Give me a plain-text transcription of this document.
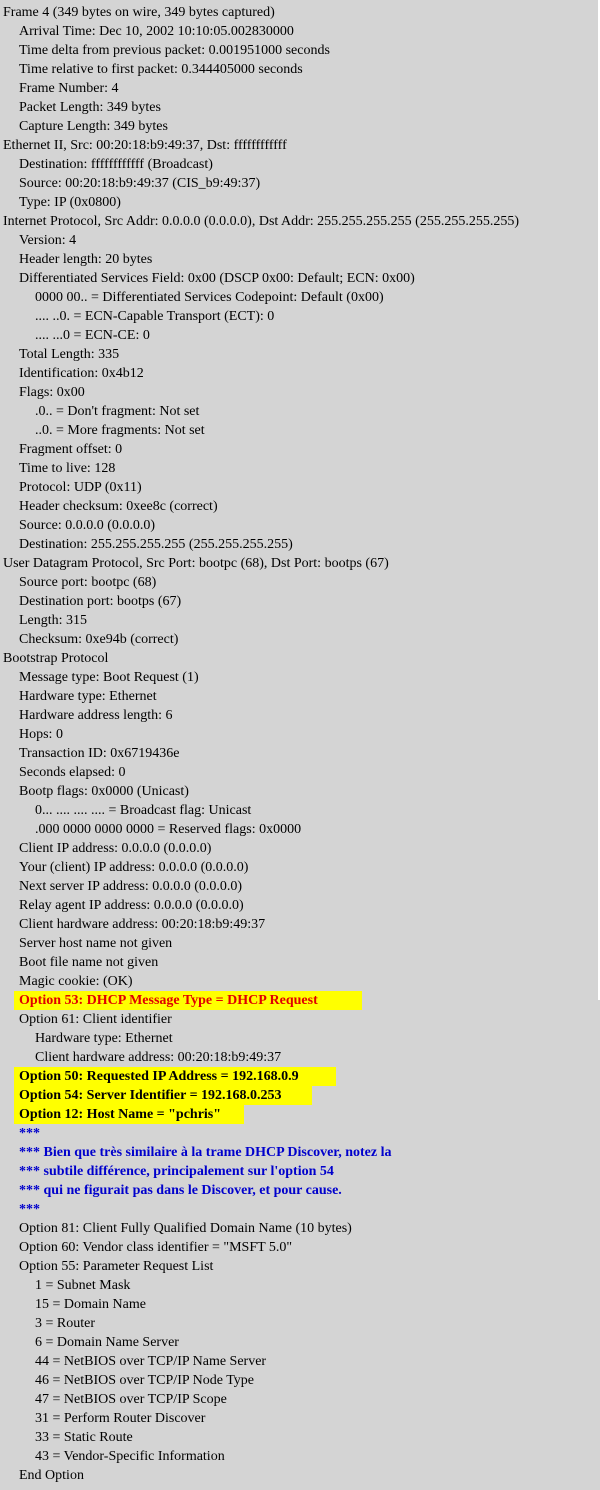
Frame 4 (349 bytes on wire, 349 bytes captured)
Arrival Time: Dec 10, 2002 10:10:05.002830000
Time delta from previous packet: 0.001951000 seconds
Time relative to first packet: 0.344405000 seconds
Frame Number: 4
Packet Length: 349 bytes
Capture Length: 349 bytes
Ethernet II, Src: 00:20:18:b9:49:37, Dst: ffffffffffff
Destination: ffffffffffff (Broadcast)
Source: 00:20:18:b9:49:37 (CIS_b9:49:37)
Type: IP (0x0800)
Internet Protocol, Src Addr: 0.0.0.0 (0.0.0.0), Dst Addr: 255.255.255.255 (255.255.255.255)
Version: 4
Header length: 20 bytes
Differentiated Services Field: 0x00 (DSCP 0x00: Default; ECN: 0x00)
0000 00.. = Differentiated Services Codepoint: Default (0x00)
.... ..0. = ECN-Capable Transport (ECT): 0
.... ...0 = ECN-CE: 0
Total Length: 335
Identification: 0x4b12
Flags: 0x00
.0.. = Don't fragment: Not set
..0. = More fragments: Not set
Fragment offset: 0
Time to live: 128
Protocol: UDP (0x11)
Header checksum: 0xee8c (correct)
Source: 0.0.0.0 (0.0.0.0)
Destination: 255.255.255.255 (255.255.255.255)
User Datagram Protocol, Src Port: bootpc (68), Dst Port: bootps (67)
Source port: bootpc (68)
Destination port: bootps (67)
Length: 315
Checksum: 0xe94b (correct)
Bootstrap Protocol
Message type: Boot Request (1)
Hardware type: Ethernet
Hardware address length: 6
Hops: 0
Transaction ID: 0x6719436e
Seconds elapsed: 0
Bootp flags: 0x0000 (Unicast)
0... .... .... .... = Broadcast flag: Unicast
.000 0000 0000 0000 = Reserved flags: 0x0000
Client IP address: 0.0.0.0 (0.0.0.0)
Your (client) IP address: 0.0.0.0 (0.0.0.0)
Next server IP address: 0.0.0.0 (0.0.0.0)
Relay agent IP address: 0.0.0.0 (0.0.0.0)
Client hardware address: 00:20:18:b9:49:37
Server host name not given
Boot file name not given
Magic cookie: (OK)
Option 53: DHCP Message Type = DHCP Request
Option 61: Client identifier
Hardware type: Ethernet
Client hardware address: 00:20:18:b9:49:37
Option 50: Requested IP Address = 192.168.0.9
Option 54: Server Identifier = 192.168.0.253
Option 12: Host Name = "pchris"
***
*** Bien que très similaire à la trame DHCP Discover, notez la
*** subtile différence, principalement sur l'option 54
*** qui ne figurait pas dans le Discover, et pour cause.
***
Option 81: Client Fully Qualified Domain Name (10 bytes)
Option 60: Vendor class identifier = "MSFT 5.0"
Option 55: Parameter Request List
1 = Subnet Mask
15 = Domain Name
3 = Router
6 = Domain Name Server
44 = NetBIOS over TCP/IP Name Server
46 = NetBIOS over TCP/IP Node Type
47 = NetBIOS over TCP/IP Scope
31 = Perform Router Discover
33 = Static Route
43 = Vendor-Specific Information
End Option
